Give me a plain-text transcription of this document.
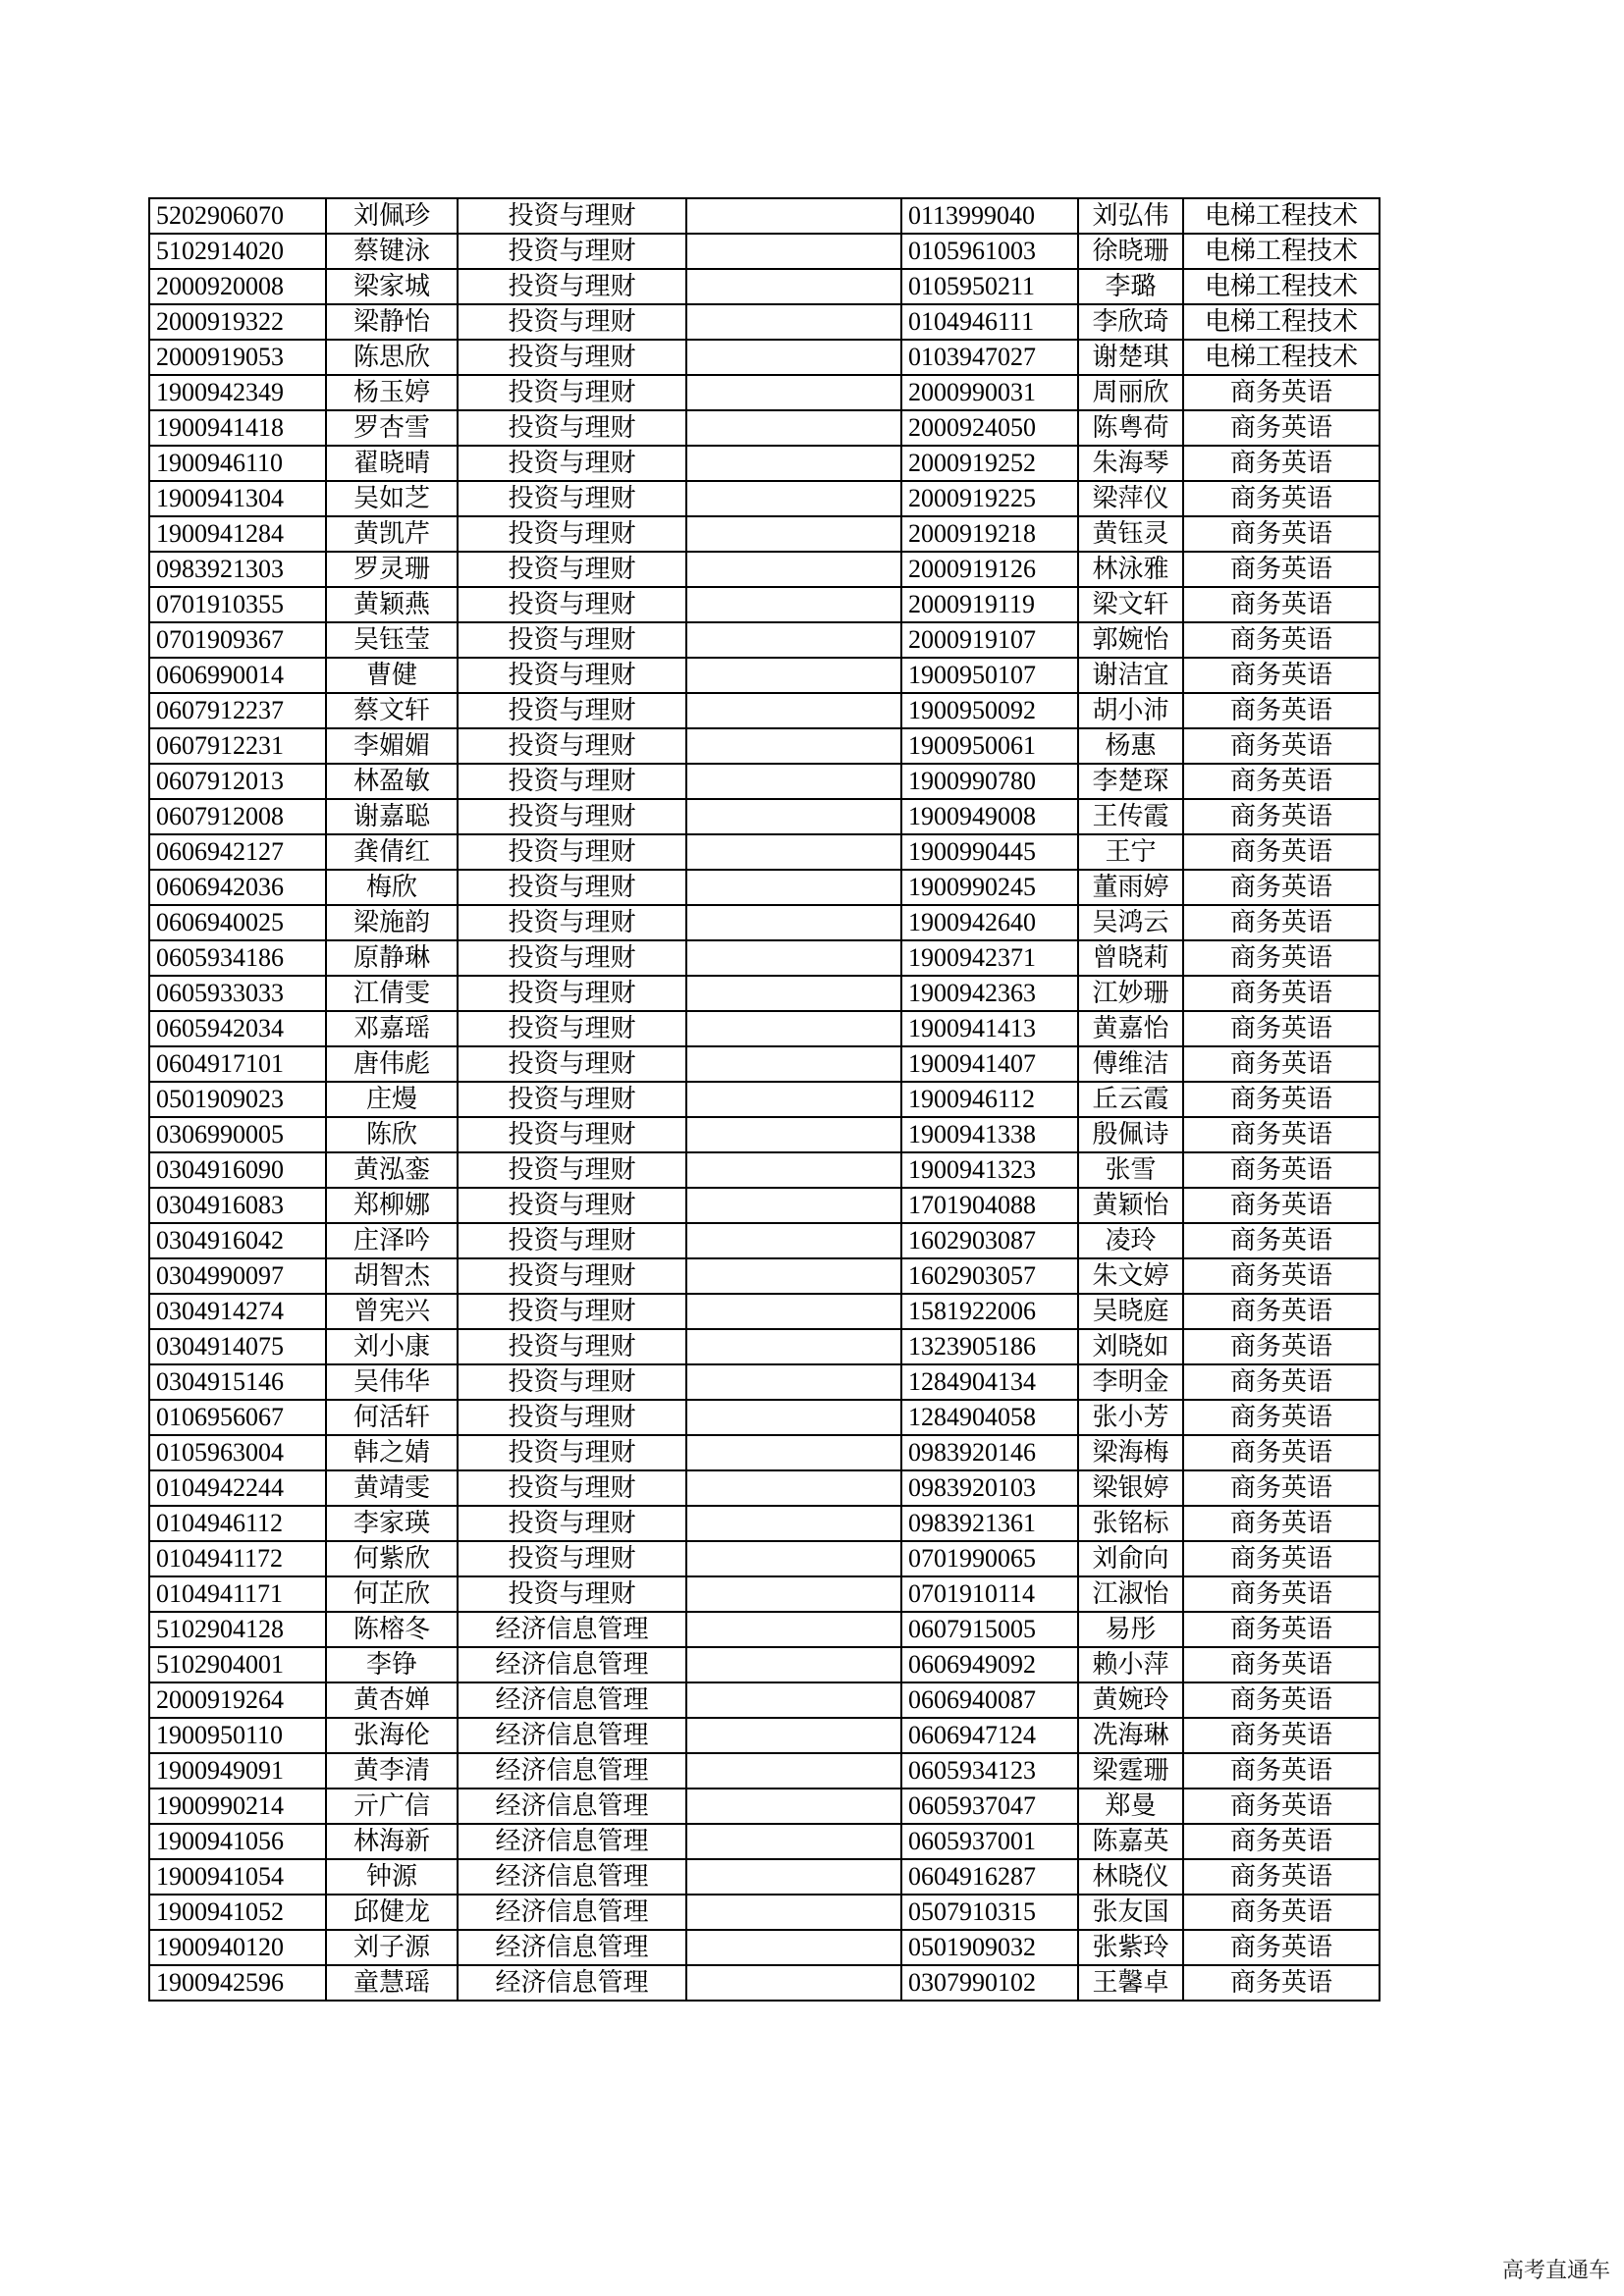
5202906070	刘佩珍	投资与理财		0113999040	刘弘伟	电梯工程技术
5102914020	蔡键泳	投资与理财		0105961003	徐晓珊	电梯工程技术
2000920008	梁家城	投资与理财		0105950211	李璐	电梯工程技术
2000919322	梁静怡	投资与理财		0104946111	李欣琦	电梯工程技术
2000919053	陈思欣	投资与理财		0103947027	谢楚琪	电梯工程技术
1900942349	杨玉婷	投资与理财		2000990031	周丽欣	商务英语
1900941418	罗杏雪	投资与理财		2000924050	陈粤荷	商务英语
1900946110	翟晓晴	投资与理财		2000919252	朱海琴	商务英语
1900941304	吴如芝	投资与理财		2000919225	梁萍仪	商务英语
1900941284	黄凯芹	投资与理财		2000919218	黄钰灵	商务英语
0983921303	罗灵珊	投资与理财		2000919126	林泳雅	商务英语
0701910355	黄颖燕	投资与理财		2000919119	梁文轩	商务英语
0701909367	吴钰莹	投资与理财		2000919107	郭婉怡	商务英语
0606990014	曹健	投资与理财		1900950107	谢洁宜	商务英语
0607912237	蔡文轩	投资与理财		1900950092	胡小沛	商务英语
0607912231	李媚媚	投资与理财		1900950061	杨惠	商务英语
0607912013	林盈敏	投资与理财		1900990780	李楚琛	商务英语
0607912008	谢嘉聪	投资与理财		1900949008	王传霞	商务英语
0606942127	龚倩红	投资与理财		1900990445	王宁	商务英语
0606942036	梅欣	投资与理财		1900990245	董雨婷	商务英语
0606940025	梁施韵	投资与理财		1900942640	吴鸿云	商务英语
0605934186	原静琳	投资与理财		1900942371	曾晓莉	商务英语
0605933033	江倩雯	投资与理财		1900942363	江妙珊	商务英语
0605942034	邓嘉瑶	投资与理财		1900941413	黄嘉怡	商务英语
0604917101	唐伟彪	投资与理财		1900941407	傅维洁	商务英语
0501909023	庄熳	投资与理财		1900946112	丘云霞	商务英语
0306990005	陈欣	投资与理财		1900941338	殷佩诗	商务英语
0304916090	黄泓銮	投资与理财		1900941323	张雪	商务英语
0304916083	郑柳娜	投资与理财		1701904088	黄颖怡	商务英语
0304916042	庄泽吟	投资与理财		1602903087	凌玲	商务英语
0304990097	胡智杰	投资与理财		1602903057	朱文婷	商务英语
0304914274	曾宪兴	投资与理财		1581922006	吴晓庭	商务英语
0304914075	刘小康	投资与理财		1323905186	刘晓如	商务英语
0304915146	吴伟华	投资与理财		1284904134	李明金	商务英语
0106956067	何活轩	投资与理财		1284904058	张小芳	商务英语
0105963004	韩之婧	投资与理财		0983920146	梁海梅	商务英语
0104942244	黄靖雯	投资与理财		0983920103	梁银婷	商务英语
0104946112	李家瑛	投资与理财		0983921361	张铭标	商务英语
0104941172	何紫欣	投资与理财		0701990065	刘俞向	商务英语
0104941171	何芷欣	投资与理财		0701910114	江淑怡	商务英语
5102904128	陈榕冬	经济信息管理		0607915005	易彤	商务英语
5102904001	李铮	经济信息管理		0606949092	赖小萍	商务英语
2000919264	黄杏婵	经济信息管理		0606940087	黄婉玲	商务英语
1900950110	张海伦	经济信息管理		0606947124	冼海琳	商务英语
1900949091	黄李清	经济信息管理		0605934123	梁霆珊	商务英语
1900990214	亓广信	经济信息管理		0605937047	郑曼	商务英语
1900941056	林海新	经济信息管理		0605937001	陈嘉英	商务英语
1900941054	钟源	经济信息管理		0604916287	林晓仪	商务英语
1900941052	邱健龙	经济信息管理		0507910315	张友国	商务英语
1900940120	刘子源	经济信息管理		0501909032	张紫玲	商务英语
1900942596	童慧瑶	经济信息管理		0307990102	王馨卓	商务英语
高考直通车
